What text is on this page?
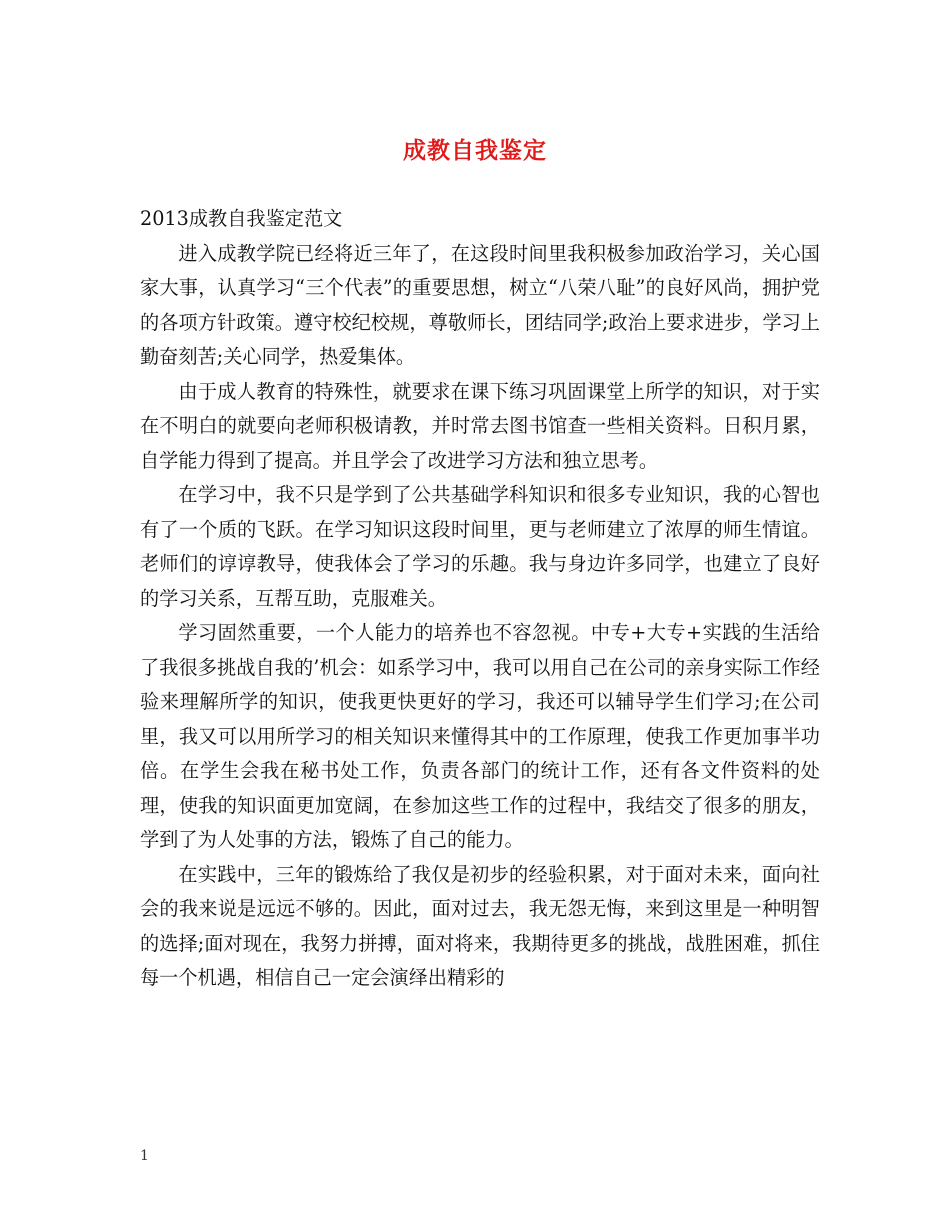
成教自我鉴定

2013成教自我鉴定范文

进入成教学院已经将近三年了，在这段时间里我积极参加政治学习，关心国家大事，认真学习“三个代表”的重要思想，树立“八荣八耻”的良好风尚，拥护党的各项方针政策。遵守校纪校规，尊敬师长，团结同学;政治上要求进步，学习上勤奋刻苦;关心同学，热爱集体。

由于成人教育的特殊性，就要求在课下练习巩固课堂上所学的知识，对于实在不明白的就要向老师积极请教，并时常去图书馆查一些相关资料。日积月累，自学能力得到了提高。并且学会了改进学习方法和独立思考。

在学习中，我不只是学到了公共基础学科知识和很多专业知识，我的心智也有了一个质的飞跃。在学习知识这段时间里，更与老师建立了浓厚的师生情谊。老师们的谆谆教导，使我体会了学习的乐趣。我与身边许多同学，也建立了良好的学习关系，互帮互助，克服难关。

学习固然重要，一个人能力的培养也不容忽视。中专+大专+实践的生活给了我很多挑战自我的’机会：如系学习中，我可以用自己在公司的亲身实际工作经验来理解所学的知识，使我更快更好的学习，我还可以辅导学生们学习;在公司里，我又可以用所学习的相关知识来懂得其中的工作原理，使我工作更加事半功倍。在学生会我在秘书处工作，负责各部门的统计工作，还有各文件资料的处理，使我的知识面更加宽阔，在参加这些工作的过程中，我结交了很多的朋友，学到了为人处事的方法，锻炼了自己的能力。

在实践中，三年的锻炼给了我仅是初步的经验积累，对于面对未来，面向社会的我来说是远远不够的。因此，面对过去，我无怨无悔，来到这里是一种明智的选择;面对现在，我努力拼搏，面对将来，我期待更多的挑战，战胜困难，抓住每一个机遇，相信自己一定会演绎出精彩的

1
